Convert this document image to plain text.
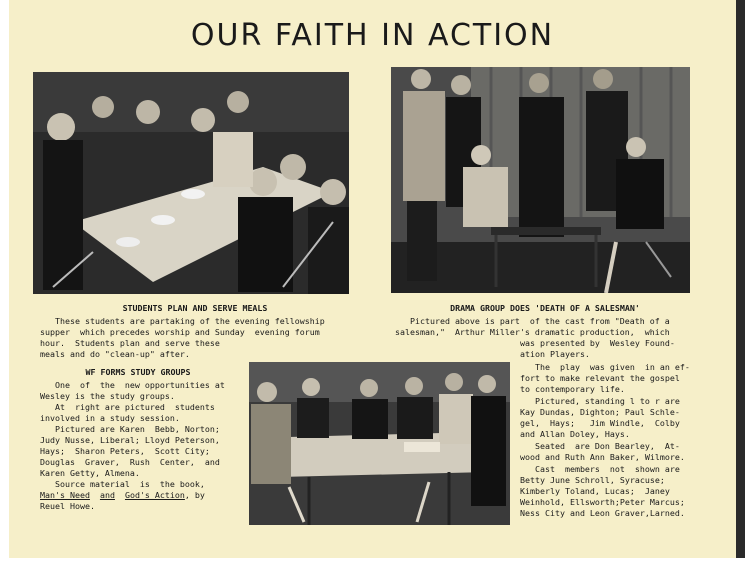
OUR FAITH IN ACTION
STUDENTS PLAN AND SERVE MEALS
These students are partaking of the evening fellowship
supper  which precedes worship and Sunday  evening forum
hour.  Students plan and serve these
meals and do "clean-up" after.
WF FORMS STUDY GROUPS
One  of  the  new opportunities at
Wesley is the study groups.
At  right are pictured  students
involved in a study session.
Pictured are Karen  Bebb, Norton;
Judy Nusse, Liberal; Lloyd Peterson,
Hays;  Sharon Peters,  Scott City;
Douglas  Graver,  Rush  Center,  and
Karen Getty, Almena.
Source material  is  the book,
Man's Need and God's Action, by
Reuel Howe.
DRAMA GROUP DOES 'DEATH OF A SALESMAN'
Pictured above is part  of the cast from "Death of a
salesman,"  Arthur Miller's dramatic production,  which
was presented by  Wesley Found-
ation Players.
The  play  was given  in an ef-
fort to make relevant the gospel
to contemporary life.
Pictured, standing l to r are
Kay Dundas, Dighton; Paul Schle-
gel,  Hays;   Jim Windle,  Colby
and Allan Doley, Hays.
Seated  are Don Bearley,  At-
wood and Ruth Ann Baker, Wilmore.
Cast  members  not  shown are
Betty June Schroll, Syracuse;
Kimberly Toland, Lucas;  Janey
Weinhold, Ellsworth;Peter Marcus;
Ness City and Leon Graver,Larned.
